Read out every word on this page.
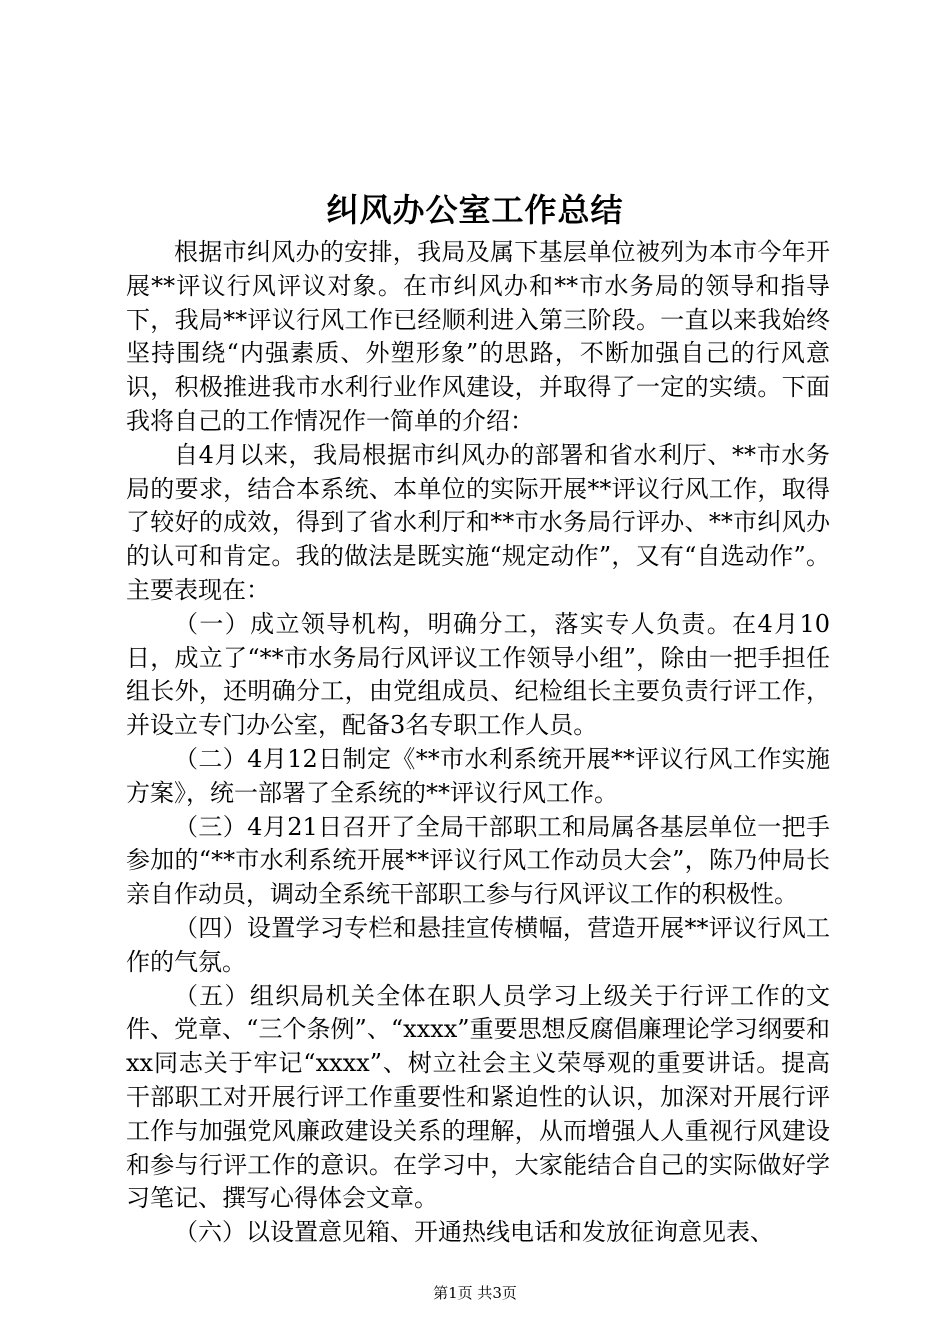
纠风办公室工作总结

根据市纠风办的安排，我局及属下基层单位被列为本市今年开展**评议行风评议对象。在市纠风办和**市水务局的领导和指导下，我局**评议行风工作已经顺利进入第三阶段。一直以来我始终坚持围绕“内强素质、外塑形象”的思路，不断加强自己的行风意识，积极推进我市水利行业作风建设，并取得了一定的实绩。下面我将自己的工作情况作一简单的介绍：

自4月以来，我局根据市纠风办的部署和省水利厅、**市水务局的要求，结合本系统、本单位的实际开展**评议行风工作，取得了较好的成效，得到了省水利厅和**市水务局行评办、**市纠风办的认可和肯定。我的做法是既实施“规定动作”，又有“自选动作”。主要表现在：

（一）成立领导机构，明确分工，落实专人负责。在4月10日，成立了“**市水务局行风评议工作领导小组”，除由一把手担任组长外，还明确分工，由党组成员、纪检组长主要负责行评工作，并设立专门办公室，配备3名专职工作人员。

（二）4月12日制定《**市水利系统开展**评议行风工作实施方案》，统一部署了全系统的**评议行风工作。

（三）4月21日召开了全局干部职工和局属各基层单位一把手参加的“**市水利系统开展**评议行风工作动员大会”，陈乃仲局长亲自作动员，调动全系统干部职工参与行风评议工作的积极性。

（四）设置学习专栏和悬挂宣传横幅，营造开展**评议行风工作的气氛。

（五）组织局机关全体在职人员学习上级关于行评工作的文件、党章、“三个条例”、“xxxx”重要思想反腐倡廉理论学习纲要和xx同志关于牢记“xxxx”、树立社会主义荣辱观的重要讲话。提高干部职工对开展行评工作重要性和紧迫性的认识，加深对开展行评工作与加强党风廉政建设关系的理解，从而增强人人重视行风建设和参与行评工作的意识。在学习中，大家能结合自己的实际做好学习笔记、撰写心得体会文章。

（六）以设置意见箱、开通热线电话和发放征询意见表、

第1页 共3页
